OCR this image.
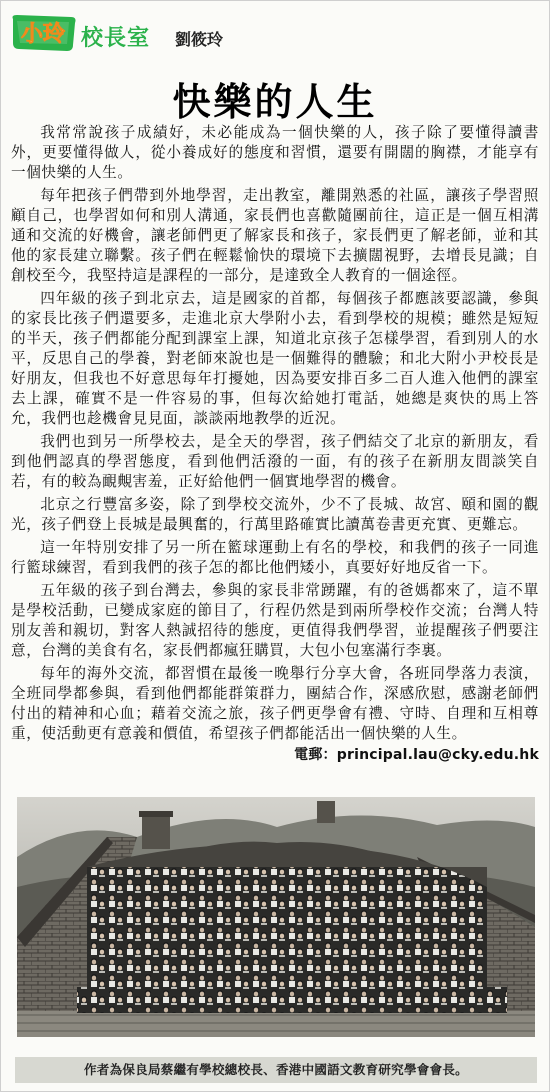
小玲 校長室 劉筱玲
快樂的人生

我常常說孩子成績好，未必能成為一個快樂的人，孩子除了要懂得讀書外，更要懂得做人，從小養成好的態度和習慣，還要有開闊的胸襟，才能享有一個快樂的人生。

每年把孩子們帶到外地學習，走出教室，離開熟悉的社區，讓孩子學習照顧自己，也學習如何和別人溝通，家長們也喜歡隨團前往，這正是一個互相溝通和交流的好機會，讓老師們更了解家長和孩子，家長們更了解老師，並和其他的家長建立聯繫。孩子們在輕鬆愉快的環境下去擴闊視野，去增長見識；自創校至今，我堅持這是課程的一部分，是達致全人教育的一個途徑。

四年級的孩子到北京去，這是國家的首都，每個孩子都應該要認識，參與的家長比孩子們還要多，走進北京大學附小去，看到學校的規模；雖然是短短的半天，孩子們都能分配到課室上課，知道北京孩子怎樣學習，看到別人的水平，反思自己的學養，對老師來說也是一個難得的體驗；和北大附小尹校長是好朋友，但我也不好意思每年打擾她，因為要安排百多二百人進入他們的課室去上課，確實不是一件容易的事，但每次給她打電話，她總是爽快的馬上答允，我們也趁機會見見面，談談兩地教學的近況。

我們也到另一所學校去，是全天的學習，孩子們結交了北京的新朋友，看到他們認真的學習態度，看到他們活潑的一面，有的孩子在新朋友間談笑自若，有的較為靦覥害羞，正好給他們一個實地學習的機會。

北京之行豐富多姿，除了到學校交流外，少不了長城、故宮、頤和園的觀光，孩子們登上長城是最興奮的，行萬里路確實比讀萬卷書更充實、更難忘。

這一年特別安排了另一所在籃球運動上有名的學校，和我們的孩子一同進行籃球練習，看到我們的孩子怎的都比他們矮小，真要好好地反省一下。

五年級的孩子到台灣去，參與的家長非常踴躍，有的爸媽都來了，這不單是學校活動，已變成家庭的節目了，行程仍然是到兩所學校作交流；台灣人特別友善和親切，對客人熱誠招待的態度，更值得我們學習，並提醒孩子們要注意，台灣的美食有名，家長們都瘋狂購買，大包小包塞滿行李裏。

每年的海外交流，都習慣在最後一晚舉行分享大會，各班同學落力表演，全班同學都參與，看到他們都能群策群力，團結合作，深感欣慰，感謝老師們付出的精神和心血；藉着交流之旅，孩子們更學會有禮、守時、自理和互相尊重，使活動更有意義和價值，希望孩子們都能活出一個快樂的人生。

電郵：principal.lau@cky.edu.hk
作者為保良局蔡繼有學校總校長、香港中國語文教育研究學會會長。
